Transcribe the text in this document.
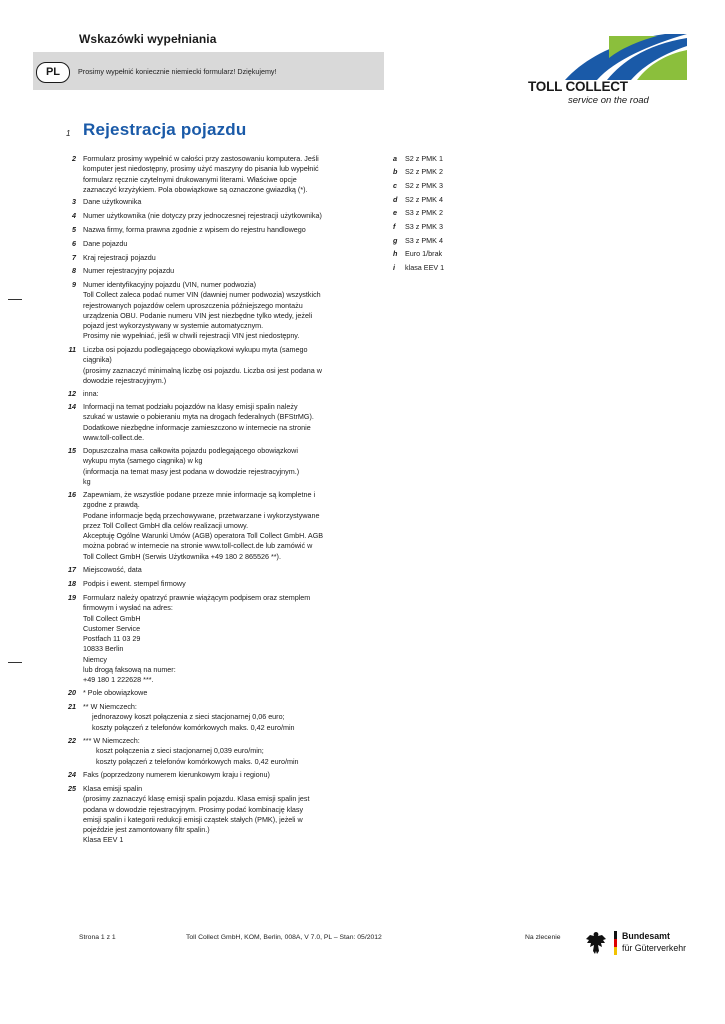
Wskazówki wypełniania
PL	Prosimy wypełnić koniecznie niemiecki formularz! Dziękujemy!
TOLL COLLECT
service on the road
1 Rejestracja pojazdu
2 Formularz prosimy wypełnić w całości przy zastosowaniu komputera. Jeśli
komputer jest niedostępny, prosimy użyć maszyny do pisania lub wypełnić
formularz ręcznie czytelnymi drukowanymi literami. Właściwe opcje
zaznaczyć krzyżykiem. Pola obowiązkowe są oznaczone gwiazdką (*).
3 Dane użytkownika
4 Numer użytkownika (nie dotyczy przy jednoczesnej rejestracji użytkownika)
5 Nazwa firmy, forma prawna zgodnie z wpisem do rejestru handlowego
6 Dane pojazdu
7 Kraj rejestracji pojazdu
8 Numer rejestracyjny pojazdu
9 Numer identyfikacyjny pojazdu (VIN, numer podwozia)
Toll Collect zaleca podać numer VIN (dawniej numer podwozia) wszystkich
rejestrowanych pojazdów celem uproszczenia późniejszego montażu
urządzenia OBU. Podanie numeru VIN jest niezbędne tylko wtedy, jeżeli
pojazd jest wykorzystywany w systemie automatycznym.
Prosimy nie wypełniać, jeśli w chwili rejestracji VIN jest niedostępny.
11 Liczba osi pojazdu podlegającego obowiązkowi wykupu myta (samego
ciągnika)
(prosimy zaznaczyć minimalną liczbę osi pojazdu. Liczba osi jest podana w
dowodzie rejestracyjnym.)
12 inna:
14 Informacji na temat podziału pojazdów na klasy emisji spalin należy
szukać w ustawie o pobieraniu myta na drogach federalnych (BFStrMG).
Dodatkowe niezbędne informacje zamieszczono w internecie na stronie
www.toll-collect.de.
15 Dopuszczalna masa całkowita pojazdu podlegającego obowiązkowi
wykupu myta (samego ciągnika) w kg
(informacja na temat masy jest podana w dowodzie rejestracyjnym.)
kg
16 Zapewniam, że wszystkie podane przeze mnie informacje są kompletne i
zgodne z prawdą.
Podane informacje będą przechowywane, przetwarzane i wykorzystywane
przez Toll Collect GmbH dla celów realizacji umowy.
Akceptuję Ogólne Warunki Umów (AGB) operatora Toll Collect GmbH. AGB
można pobrać w internecie na stronie www.toll-collect.de lub zamówić w
Toll Collect GmbH (Serwis Użytkownika +49 180 2 865526 **).
17 Miejscowość, data
18 Podpis i ewent. stempel firmowy
19 Formularz należy opatrzyć prawnie wiążącym podpisem oraz stemplem
firmowym i wysłać na adres:
Toll Collect GmbH
Customer Service
Postfach 11 03 29
10833 Berlin
Niemcy
lub drogą faksową na numer:
+49 180 1 222628 ***.
20 * Pole obowiązkowe
21 ** W Niemczech:
jednorazowy koszt połączenia z sieci stacjonarnej 0,06 euro;
koszty połączeń z telefonów komórkowych maks. 0,42 euro/min
22 *** W Niemczech:
koszt połączenia z sieci stacjonarnej 0,039 euro/min;
koszty połączeń z telefonów komórkowych maks. 0,42 euro/min
24 Faks (poprzedzony numerem kierunkowym kraju i regionu)
25 Klasa emisji spalin
(prosimy zaznaczyć klasę emisji spalin pojazdu. Klasa emisji spalin jest
podana w dowodzie rejestracyjnym. Prosimy podać kombinację klasy
emisji spalin i kategorii redukcji emisji cząstek stałych (PMK), jeżeli w
pojeździe jest zamontowany filtr spalin.)
Klasa EEV 1
a S2 z PMK 1
b S2 z PMK 2
c S2 z PMK 3
d S2 z PMK 4
e S3 z PMK 2
f S3 z PMK 3
g S3 z PMK 4
h Euro 1/brak
i klasa EEV 1
Strona 1 z 1	Toll Collect GmbH, KOM, Berlin, 008A, V 7.0, PL – Stan: 05/2012	Na zlecenie	Bundesamt
für Güterverkehr
